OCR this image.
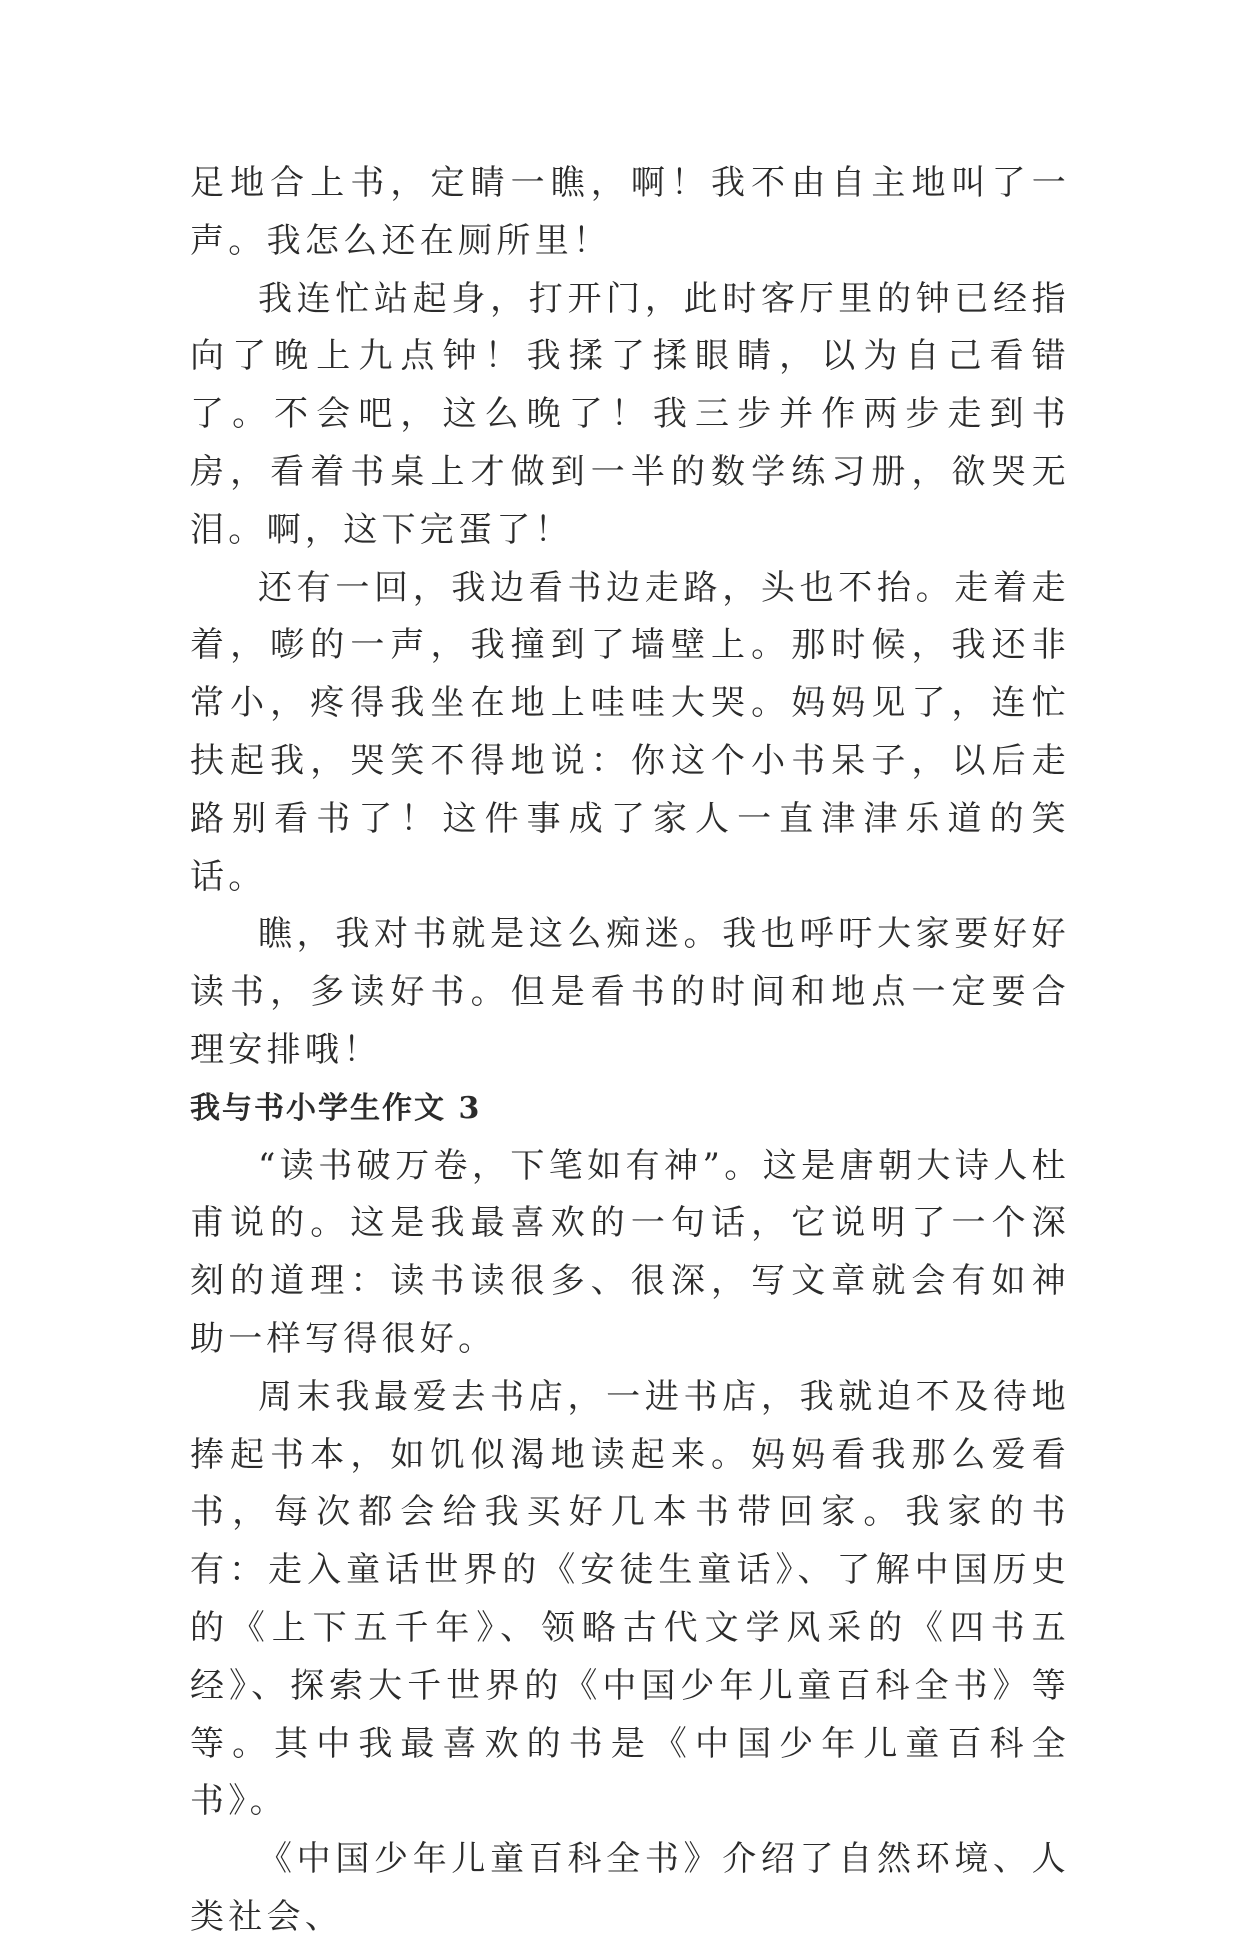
足地合上书，定睛一瞧，啊！我不由自主地叫了一声。我怎么还在厕所里！

我连忙站起身，打开门，此时客厅里的钟已经指向了晚上九点钟！我揉了揉眼睛，以为自己看错了。不会吧，这么晚了！我三步并作两步走到书房，看着书桌上才做到一半的数学练习册，欲哭无泪。啊，这下完蛋了！

还有一回，我边看书边走路，头也不抬。走着走着，嘭的一声，我撞到了墙壁上。那时候，我还非常小，疼得我坐在地上哇哇大哭。妈妈见了，连忙扶起我，哭笑不得地说：你这个小书呆子，以后走路别看书了！这件事成了家人一直津津乐道的笑话。

瞧，我对书就是这么痴迷。我也呼吁大家要好好读书，多读好书。但是看书的时间和地点一定要合理安排哦！

我与书小学生作文 3

“读书破万卷，下笔如有神”。这是唐朝大诗人杜甫说的。这是我最喜欢的一句话，它说明了一个深刻的道理：读书读很多、很深，写文章就会有如神助一样写得很好。

周末我最爱去书店，一进书店，我就迫不及待地捧起书本，如饥似渴地读起来。妈妈看我那么爱看书，每次都会给我买好几本书带回家。我家的书有：走入童话世界的《安徒生童话》、了解中国历史的《上下五千年》、领略古代文学风采的《四书五经》、探索大千世界的《中国少年儿童百科全书》等等。其中我最喜欢的书是《中国少年儿童百科全书》。

《中国少年儿童百科全书》介绍了自然环境、人类社会、
